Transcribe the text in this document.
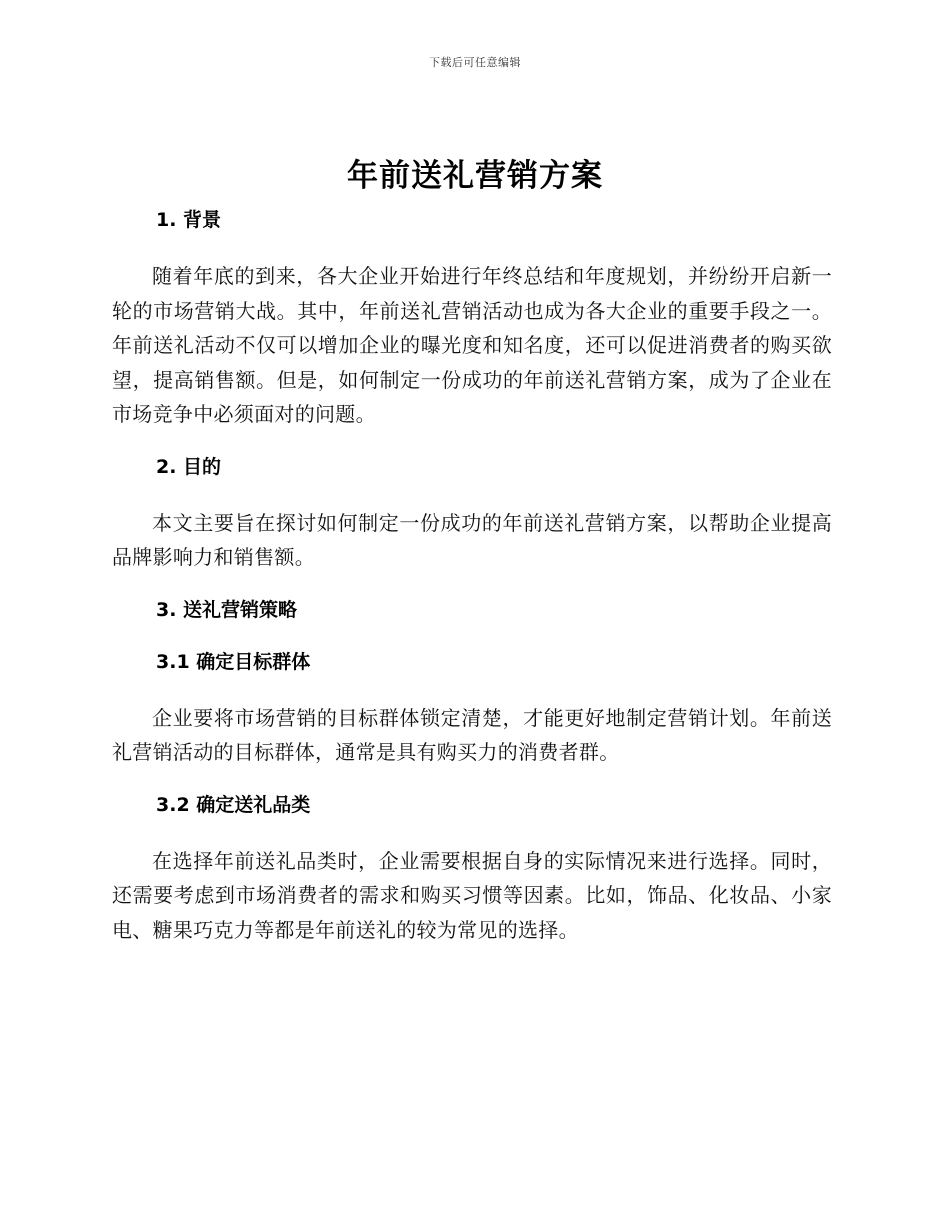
下载后可任意编辑
年前送礼营销方案
1. 背景

随着年底的到来，各大企业开始进行年终总结和年度规划，并纷纷开启新一轮的市场营销大战。其中，年前送礼营销活动也成为各大企业的重要手段之一。年前送礼活动不仅可以增加企业的曝光度和知名度，还可以促进消费者的购买欲望，提高销售额。但是，如何制定一份成功的年前送礼营销方案，成为了企业在市场竞争中必须面对的问题。

2. 目的

本文主要旨在探讨如何制定一份成功的年前送礼营销方案，以帮助企业提高品牌影响力和销售额。

3. 送礼营销策略
3.1 确定目标群体

企业要将市场营销的目标群体锁定清楚，才能更好地制定营销计划。年前送礼营销活动的目标群体，通常是具有购买力的消费者群。

3.2 确定送礼品类

在选择年前送礼品类时，企业需要根据自身的实际情况来进行选择。同时，还需要考虑到市场消费者的需求和购买习惯等因素。比如，饰品、化妆品、小家电、糖果巧克力等都是年前送礼的较为常见的选择。
